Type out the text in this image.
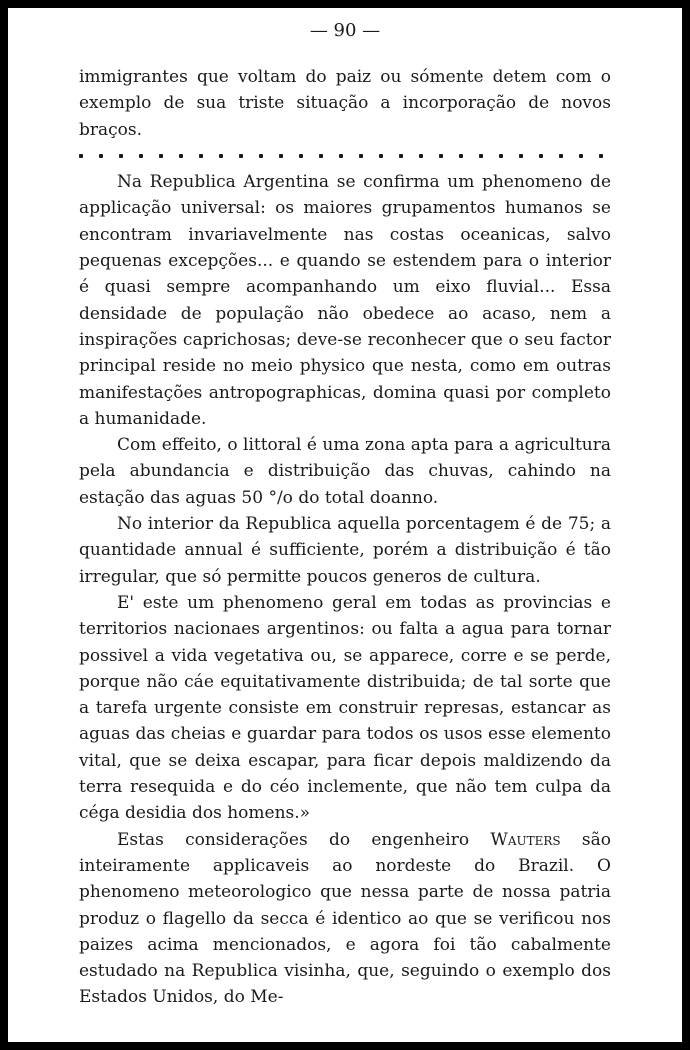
— 90 —

immigrantes que voltam do paiz ou sómente detem com o exemplo de sua triste situação a incorporação de novos braços.

Na Republica Argentina se confirma um phenomeno de applicação universal: os maiores grupamentos humanos se encontram invariavelmente nas costas oceanicas, salvo pequenas excepções... e quando se estendem para o interior é quasi sempre acompanhando um eixo fluvial... Essa densidade de população não obedece ao acaso, nem a inspirações caprichosas; deve-se reconhecer que o seu factor principal reside no meio physico que nesta, como em outras manifestações antropographicas, domina quasi por completo a humanidade.

Com effeito, o littoral é uma zona apta para a agricultura pela abundancia e distribuição das chuvas, cahindo na estação das aguas 50 °/o do total doanno.

No interior da Republica aquella porcentagem é de 75; a quantidade annual é sufficiente, porém a distribuição é tão irregular, que só permitte poucos generos de cultura.

E' este um phenomeno geral em todas as provincias e territorios nacionaes argentinos: ou falta a agua para tornar possivel a vida vegetativa ou, se apparece, corre e se perde, porque não cáe equitativamente distribuida; de tal sorte que a tarefa urgente consiste em construir represas, estancar as aguas das cheias e guardar para todos os usos esse elemento vital, que se deixa escapar, para ficar depois maldizendo da terra resequida e do céo inclemente, que não tem culpa da céga desidia dos homens.»

Estas considerações do engenheiro Wauters são inteiramente applicaveis ao nordeste do Brazil. O phenomeno meteorologico que nessa parte de nossa patria produz o flagello da secca é identico ao que se verificou nos paizes acima mencionados, e agora foi tão cabalmente estudado na Republica visinha, que, seguindo o exemplo dos Estados Unidos, do Me-
